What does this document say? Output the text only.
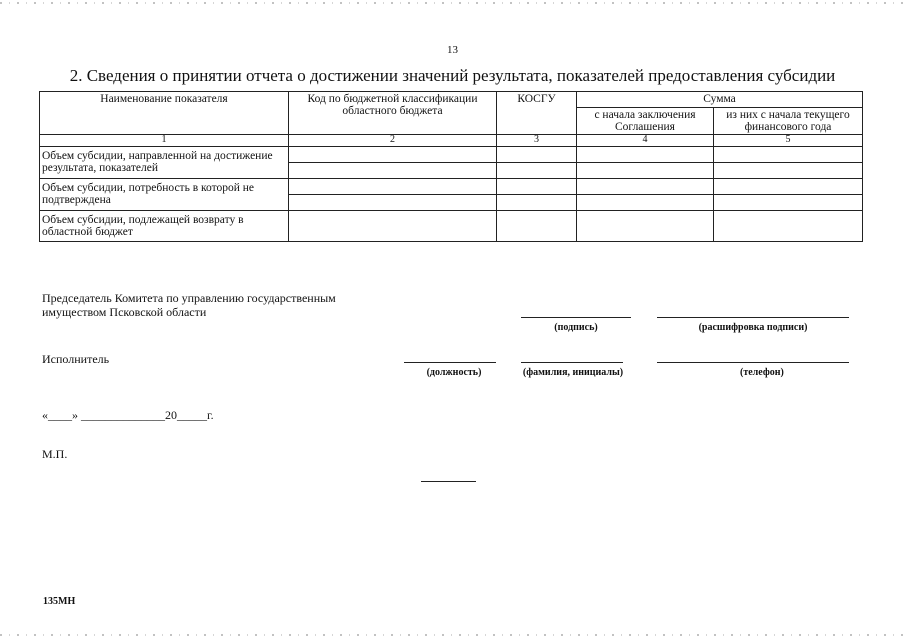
13
2. Сведения о принятии отчета о достижении значений результата, показателей предоставления субсидии
Наименование показателя	Код по бюджетной классификации областного бюджета	КОСГУ	Сумма	
			с начала заключения Соглашения	из них с начала текущего финансового года
1	2	3	4	5
Объем субсидии, направленной на достижение результата, показателей				

Объем субсидии, потребность в которой не подтверждена				

Объем субсидии, подлежащей возврату в областной бюджет				
Председатель Комитета по управлению государственным имуществом Псковской области
(подпись)	(расшифровка подписи)
Исполнитель
(должность)	(фамилия, инициалы)	(телефон)
«____» ______________20_____г.
М.П.
135МН
